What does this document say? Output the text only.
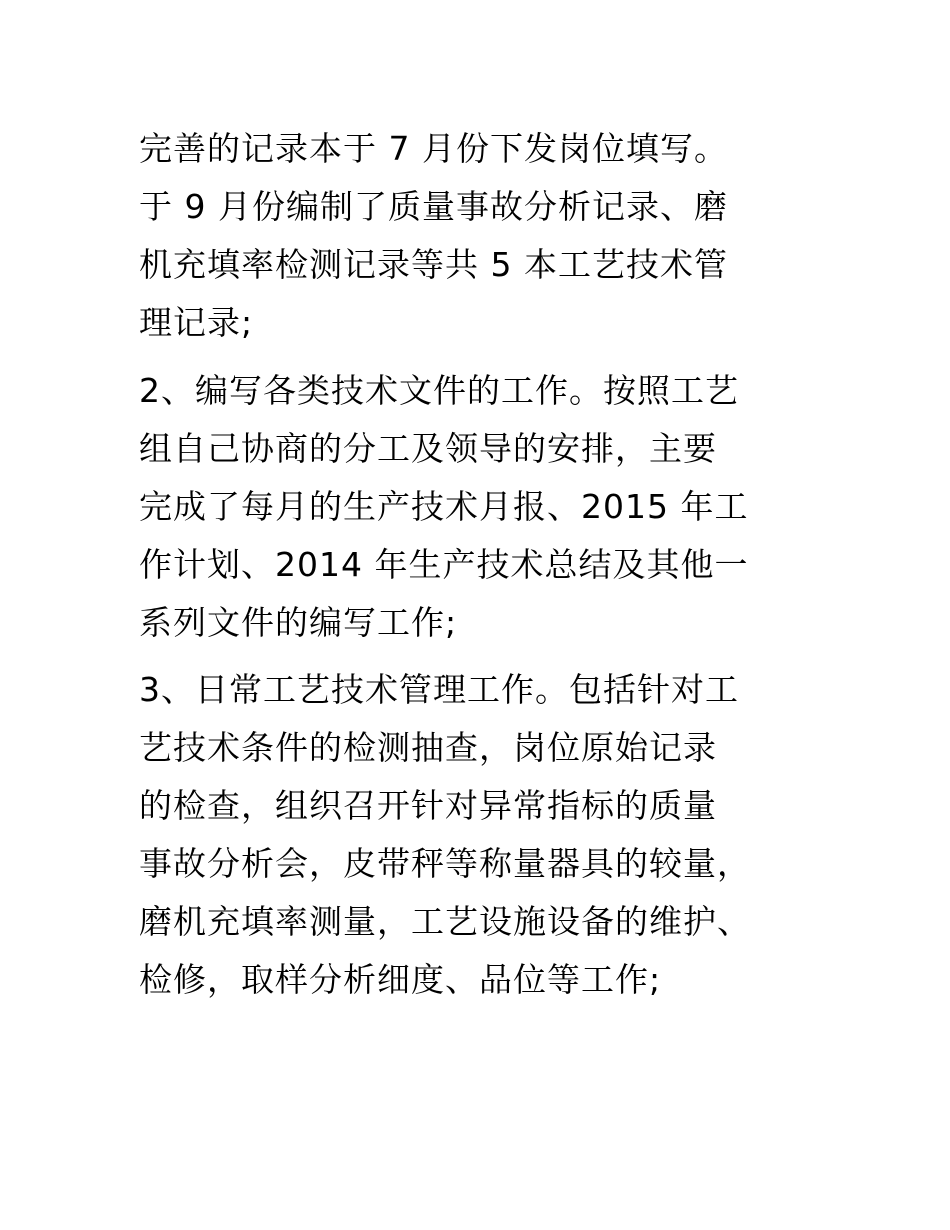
完善的记录本于 7 月份下发岗位填写。
于 9 月份编制了质量事故分析记录、磨
机充填率检测记录等共 5 本工艺技术管
理记录;
2、编写各类技术文件的工作。按照工艺
组自己协商的分工及领导的安排，主要
完成了每月的生产技术月报、2015 年工
作计划、2014 年生产技术总结及其他一
系列文件的编写工作;
3、日常工艺技术管理工作。包括针对工
艺技术条件的检测抽查，岗位原始记录
的检查，组织召开针对异常指标的质量
事故分析会，皮带秤等称量器具的较量，
磨机充填率测量，工艺设施设备的维护、
检修，取样分析细度、品位等工作;
